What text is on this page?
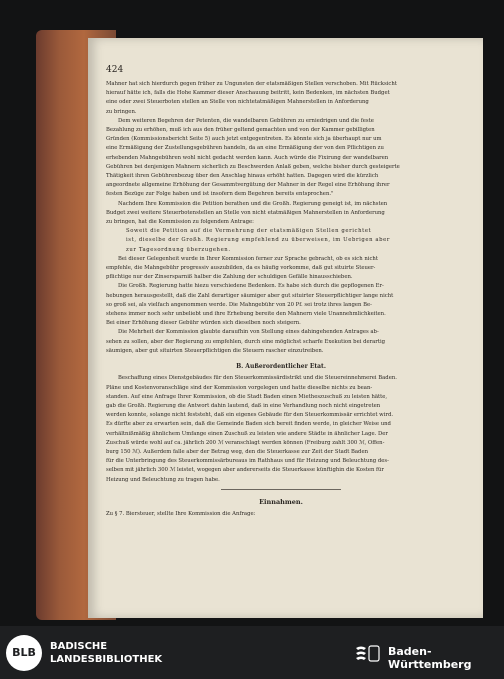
424

Mahner hat sich hierdurch gegen früher zu Ungunsten der etatsmäßigen Stellen verschoben. Mit Rücksicht
hierauf hätte ich, falls die Hohe Kammer dieser Anschauung beitritt, kein Bedenken, im nächsten Budget
eine oder zwei Steuerboten stellen an Stelle von nichtetatmäßigen Mahnerstellen in Anforderung
zu bringen.

Dem weiteren Begehren der Petenten, die wandelbaren Gebühren zu erniedrigen und die feste
Bezahlung zu erhöhen, muß ich aus den früher geltend gemachten und von der Kammer gebilligten
Gründen (Kommissionsbericht Seite 5) auch jetzt entgegentreten. Es könnte sich ja überhaupt nur um
eine Ermäßigung der Zustellungsgebühren handeln, da an eine Ermäßigung der von den Pflichtigen zu
erhebenden Mahngebühren wohl nicht gedacht werden kann. Auch würde die Fixirung der wandelbaren
Gebühren bei denjenigen Mahnern sicherlich zu Beschwerden Anlaß geben, welche bisher durch gesteigerte
Thätigkeit ihren Gebührenbezug über den Anschlag hinaus erhöht hatten. Dagegen wird die kürzlich
angeordnete allgemeine Erhöhung der Gesammtvergütung der Mahner in der Regel eine Erhöhung ihrer
festen Bezüge zur Folge haben und ist insofern dem Begehren bereits entsprochen."

Nachdem Ihre Kommission die Petition berathen und die Großh. Regierung geneigt ist, im nächsten
Budget zwei weitere Steuerbotenstellen an Stelle von nicht etatmäßigen Mahnerstellen in Anforderung
zu bringen, hat die Kommission zu folgendem Antrage:

Soweit die Petition auf die Vermehrung der etatsmäßigen Stellen gerichtet
ist, dieselbe der Großh. Regierung empfehlend zu überweisen, im Uebrigen aber
zur Tagesordnung überzugehen.

Bei dieser Gelegenheit wurde in Ihrer Kommission ferner zur Sprache gebracht, ob es sich nicht
empfehle, die Mahngebühr progressiv auszubilden, da es häufig vorkomme, daß gut situirte Steuer-
pflichtige nur der Zinsersparniß halber die Zahlung der schuldigen Gefälle hinausschieben.
Die Großh. Regierung hatte hiezu verschiedene Bedenken. Es habe sich durch die gepflogenen Er-
hebungen herausgestellt, daß die Zahl derartiger säumiger aber gut situirter Steuerpflichtiger lange nicht
so groß sei, als vielfach angenommen werde. Die Mahngebühr von 20 Pf. sei trotz ihres langen Be-
stehens immer noch sehr unbeliebt und ihre Erhebung bereite den Mahnern viele Unannehmlichkeiten.
Bei einer Erhöhung dieser Gebühr würden sich dieselben noch steigern.

Die Mehrheit der Kommission glaubte daraufhin von Stellung eines dahingehenden Antrages ab-
sehen zu sollen, aber der Regierung zu empfehlen, durch eine möglichst scharfe Exekution bei derartig
säumigen, aber gut situirten Steuerpflichtigen die Steuern rascher einzutreiben.

B. Außerordentlicher Etat.

Beschaffung eines Dienstgebäudes für den Steuerkommissärdistrikt und die Steuereinnehmerei Baden.
Pläne und Kostenvoranschläge sind der Kommission vorgelegen und hatte dieselbe nichts zu bean-
standen. Auf eine Anfrage Ihrer Kommission, ob die Stadt Baden einen Mietheszuschuß zu leisten hätte,
gab die Großh. Regierung die Antwort dahin lautend, daß in eine Verhandlung noch nicht eingetreten
werden konnte, solange nicht feststeht, daß ein eigenes Gebäude für den Steuerkommissär errichtet wird.
Es dürfte aber zu erwarten sein, daß die Gemeinde Baden sich bereit finden werde, in gleicher Weise und
verhältnißmäßig ähnlichem Umfange einen Zuschuß zu leisten wie andere Städte in ähnlicher Lage. Der
Zuschuß würde wohl auf ca. jährlich 200 ℳ veranschlagt werden können (Freiburg zahlt 300 ℳ, Offen-
burg 150 ℳ). Außerdem falle aber der Betrag weg, den die Steuerkasse zur Zeit der Stadt Baden
für die Unterbringung des Steuerkommissärbureaus im Rathhaus und für Heizung und Beleuchtung des-
selben mit jährlich 300 ℳ leistet, wogegen aber andererseits die Steuerkasse künftighin die Kosten für
Heizung und Beleuchtung zu tragen habe.

Einnahmen.

Zu § 7. Biersteuer, stellte Ihre Kommission die Anfrage:

BLB	BADISCHE
LANDESBIBLIOTHEK
Baden-Württemberg
